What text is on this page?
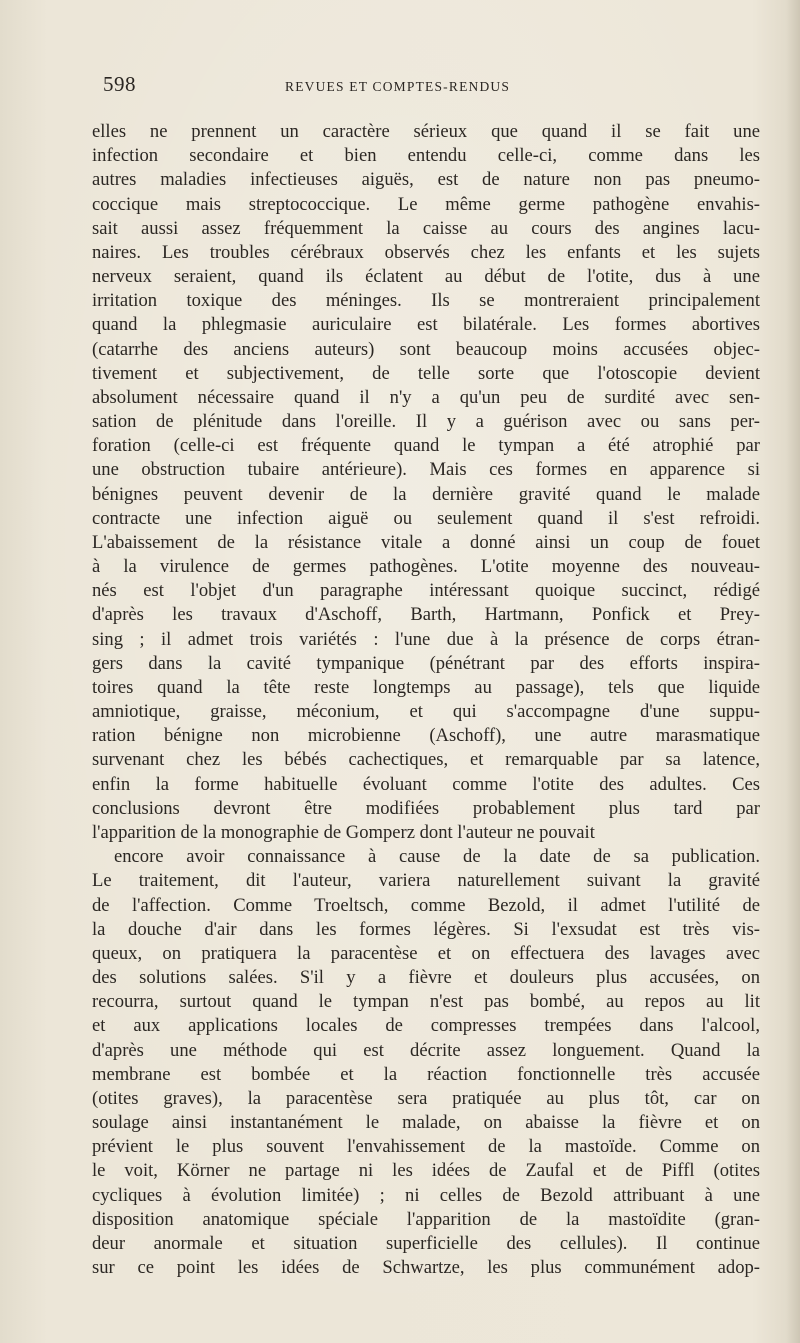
598	REVUES ET COMPTES-RENDUS
elles ne prennent un caractère sérieux que quand il se fait une
infection secondaire et bien entendu celle-ci, comme dans les
autres maladies infectieuses aiguës, est de nature non pas pneumo-
coccique mais streptococcique. Le même germe pathogène envahis-
sait aussi assez fréquemment la caisse au cours des angines lacu-
naires. Les troubles cérébraux observés chez les enfants et les sujets
nerveux seraient, quand ils éclatent au début de l'otite, dus à une
irritation toxique des méninges. Ils se montreraient principalement
quand la phlegmasie auriculaire est bilatérale. Les formes abortives
(catarrhe des anciens auteurs) sont beaucoup moins accusées objec-
tivement et subjectivement, de telle sorte que l'otoscopie devient
absolument nécessaire quand il n'y a qu'un peu de surdité avec sen-
sation de plénitude dans l'oreille. Il y a guérison avec ou sans per-
foration (celle-ci est fréquente quand le tympan a été atrophié par
une obstruction tubaire antérieure). Mais ces formes en apparence si
bénignes peuvent devenir de la dernière gravité quand le malade
contracte une infection aiguë ou seulement quand il s'est refroidi.
L'abaissement de la résistance vitale a donné ainsi un coup de fouet
à la virulence de germes pathogènes. L'otite moyenne des nouveau-
nés est l'objet d'un paragraphe intéressant quoique succinct, rédigé
d'après les travaux d'Aschoff, Barth, Hartmann, Ponfick et Prey-
sing ; il admet trois variétés : l'une due à la présence de corps étran-
gers dans la cavité tympanique (pénétrant par des efforts inspira-
toires quand la tête reste longtemps au passage), tels que liquide
amniotique, graisse, méconium, et qui s'accompagne d'une suppu-
ration bénigne non microbienne (Aschoff), une autre marasmatique
survenant chez les bébés cachectiques, et remarquable par sa latence,
enfin la forme habituelle évoluant comme l'otite des adultes. Ces
conclusions devront être modifiées probablement plus tard par
l'apparition de la monographie de Gomperz dont l'auteur ne pouvait
encore avoir connaissance à cause de la date de sa publication.
Le traitement, dit l'auteur, variera naturellement suivant la gravité
de l'affection. Comme Troeltsch, comme Bezold, il admet l'utilité de
la douche d'air dans les formes légères. Si l'exsudat est très vis-
queux, on pratiquera la paracentèse et on effectuera des lavages avec
des solutions salées. S'il y a fièvre et douleurs plus accusées, on
recourra, surtout quand le tympan n'est pas bombé, au repos au lit
et aux applications locales de compresses trempées dans l'alcool,
d'après une méthode qui est décrite assez longuement. Quand la
membrane est bombée et la réaction fonctionnelle très accusée
(otites graves), la paracentèse sera pratiquée au plus tôt, car on
soulage ainsi instantanément le malade, on abaisse la fièvre et on
prévient le plus souvent l'envahissement de la mastoïde. Comme on
le voit, Körner ne partage ni les idées de Zaufal et de Piffl (otites
cycliques à évolution limitée) ; ni celles de Bezold attribuant à une
disposition anatomique spéciale l'apparition de la mastoïdite (gran-
deur anormale et situation superficielle des cellules). Il continue
sur ce point les idées de Schwartze, les plus communément adop-
